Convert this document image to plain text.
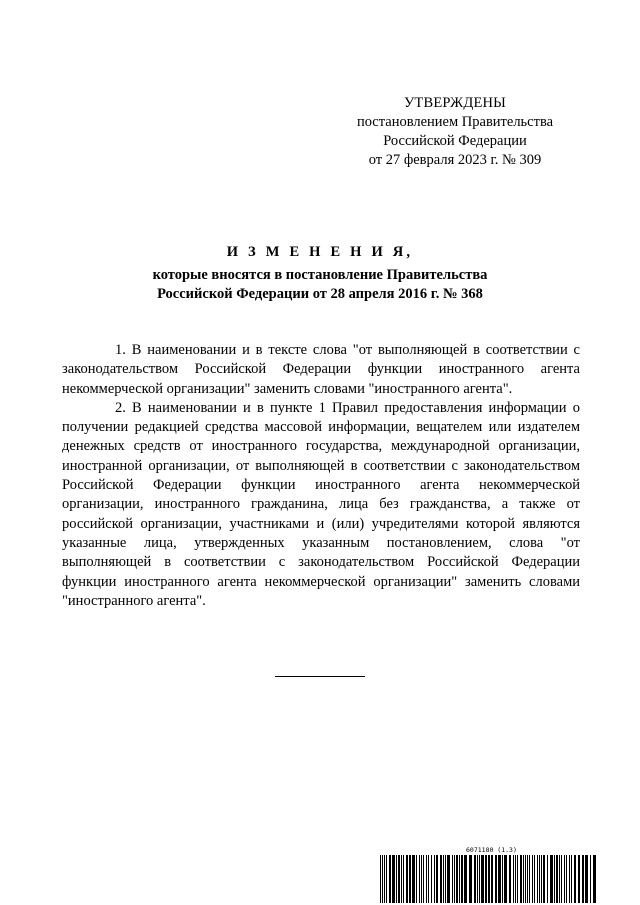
УТВЕРЖДЕНЫ
постановлением Правительства
Российской Федерации
от 27 февраля 2023 г. № 309
И З М Е Н Е Н И Я,
которые вносятся в постановление Правительства
Российской Федерации от 28 апреля 2016 г. № 368

1. В наименовании и в тексте слова "от выполняющей в соответствии с законодательством Российской Федерации функции иностранного агента некоммерческой организации" заменить словами "иностранного агента".

2. В наименовании и в пункте 1 Правил предоставления информации о получении редакцией средства массовой информации, вещателем или издателем денежных средств от иностранного государства, международной организации, иностранной организации, от выполняющей в соответствии с законодательством Российской Федерации функции иностранного агента некоммерческой организации, иностранного гражданина, лица без гражданства, а также от российской организации, участниками и (или) учредителями которой являются указанные лица, утвержденных указанным постановлением, слова "от выполняющей в соответствии с законодательством Российской Федерации функции иностранного агента некоммерческой организации" заменить словами "иностранного агента".

6071180 (1.3)
